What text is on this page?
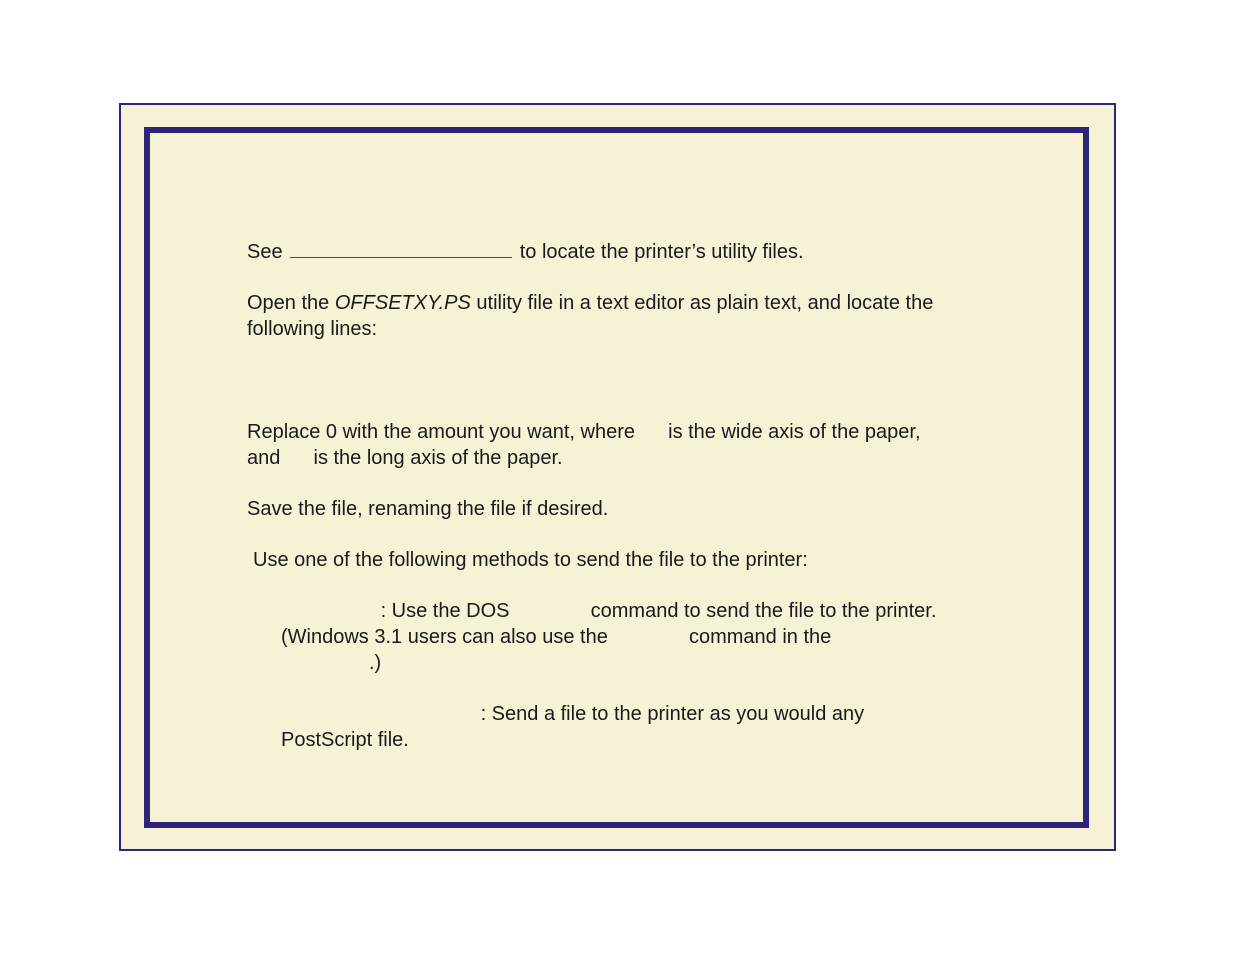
See	to locate the printer’s utility files.

Open the OFFSETXY.PS utility file in a text editor as plain text, and locate the

following lines:

Replace 0 with the amount you want, where is the wide axis of the paper,

and is the long axis of the paper.

Save the file, renaming the file if desired.

Use one of the following methods to send the file to the printer:

: Use the DOS	command to send the file to the printer.

(Windows 3.1 users can also use the	command in the

.)

: Send a file to the printer as you would any

PostScript file.
